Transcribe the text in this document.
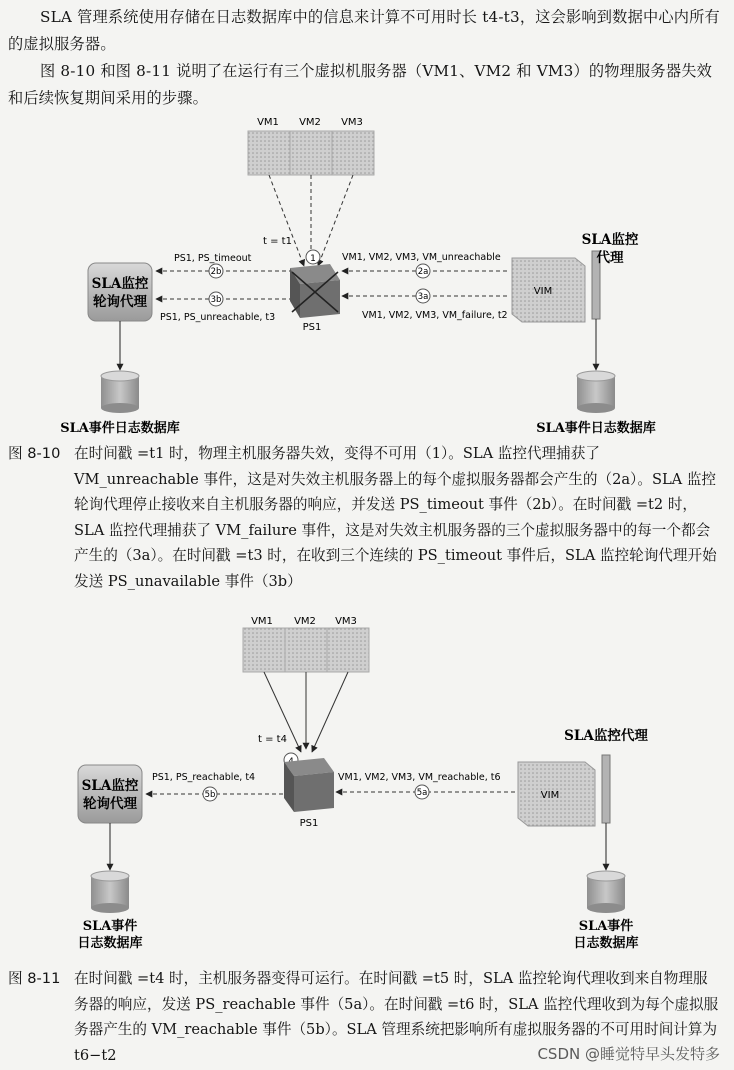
SLA 管理系统使用存储在日志数据库中的信息来计算不可用时长 t4-t3，这会影响到数据中心内所有的虚拟服务器。
图 8-10 和图 8-11 说明了在运行有三个虚拟机服务器（VM1、VM2 和 VM3）的物理服务器失效和后续恢复期间采用的步骤。
VM1 VM2 VM3
t = t1
1
PS1
SLA监控
轮询代理
PS1, PS_timeout
2b
3b
PS1, PS_unreachable, t3
VM1, VM2, VM3, VM_unreachable
2a
3a
VM1, VM2, VM3, VM_failure, t2
VIM
SLA监控
代理
SLA事件日志数据库	SLA事件日志数据库
图 8-10 在时间戳 =t1 时，物理主机服务器失效，变得不可用（1）。SLA 监控代理捕获了 VM_unreachable 事件，这是对失效主机服务器上的每个虚拟服务器都会产生的（2a）。SLA 监控轮询代理停止接收来自主机服务器的响应，并发送 PS_timeout 事件（2b）。在时间戳 =t2 时，SLA 监控代理捕获了 VM_failure 事件，这是对失效主机服务器的三个虚拟服务器中的每一个都会产生的（3a）。在时间戳 =t3 时，在收到三个连续的 PS_timeout 事件后，SLA 监控轮询代理开始发送 PS_unavailable 事件（3b）
VM1 VM2 VM3
t = t4
PS1
SLA监控
轮询代理
PS1, PS_reachable, t4
5b
VM1, VM2, VM3, VM_reachable, t6
5a	VIM
SLA监控代理
SLA事件
日志数据库
SLA事件
日志数据库
图 8-11 在时间戳 =t4 时，主机服务器变得可运行。在时间戳 =t5 时，SLA 监控轮询代理收到来自物理服务器的响应，发送 PS_reachable 事件（5a）。在时间戳 =t6 时，SLA 监控代理收到为每个虚拟服务器产生的 VM_reachable 事件（5b）。SLA 管理系统把影响所有虚拟服务器的不可用时间计算为 t6−t2	CSDN @睡觉特早头发特多
